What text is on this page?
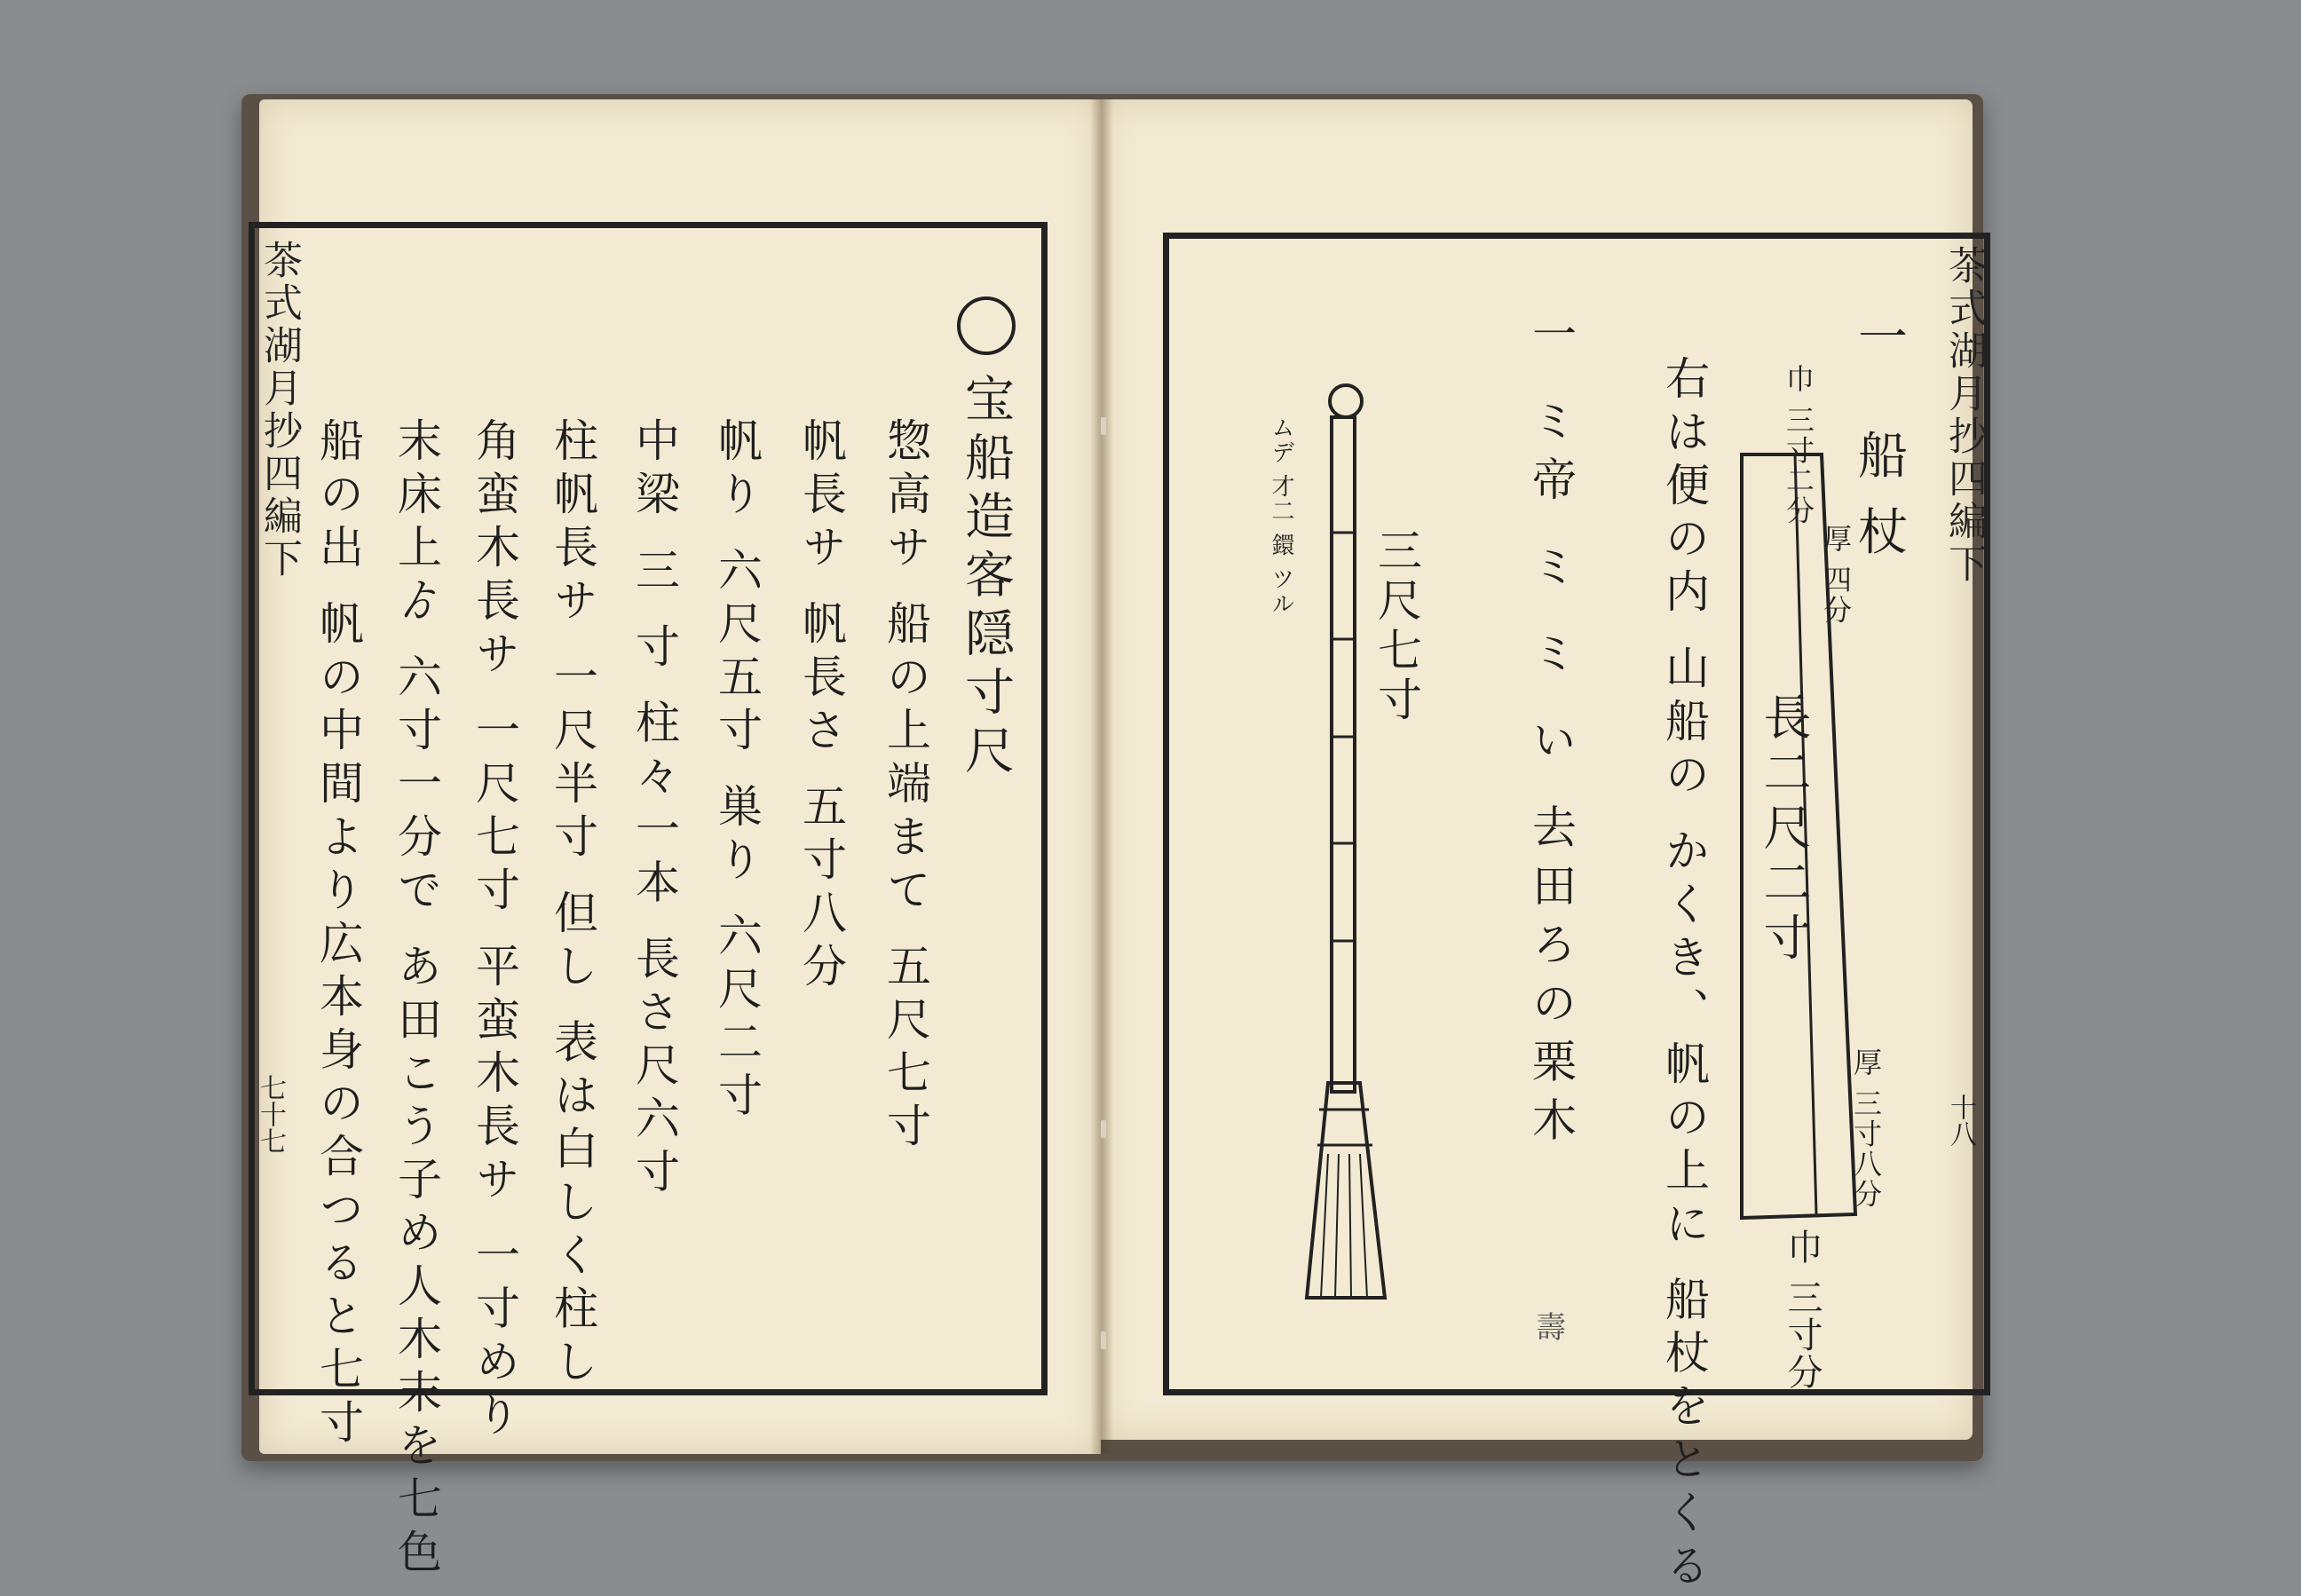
茶式湖月抄四編下
七十七
宝船造客隠寸尺
惣高サ 船の上端まて 五尺七寸
帆長サ 帆長さ 五寸八分
帆り 六尺五寸 巣り 六尺二寸
中梁 三 寸 柱々一本 長さ尺六寸
柱帆長サ 一尺半寸 但し 表は白しく柱し
角蛮木長サ 一尺七寸 平蛮木長サ 一寸めり
末床上ゟ 六寸一分で あ田こう子め人木末を七色
船の出 帆の中間より広本身の合つると七寸
茶式湖月抄四編下
十八
一 船杖
右は便の内 山船の かくき、帆の上に 船杖をとくる
一 ミ帝 ミ ミ い 去田ろの栗木	巾 三寸二分
厚 四分
長二尺二寸
厚 三寸八分
巾 三寸分
ムデ 才二 鐶 ツル
三尺七寸
壽
